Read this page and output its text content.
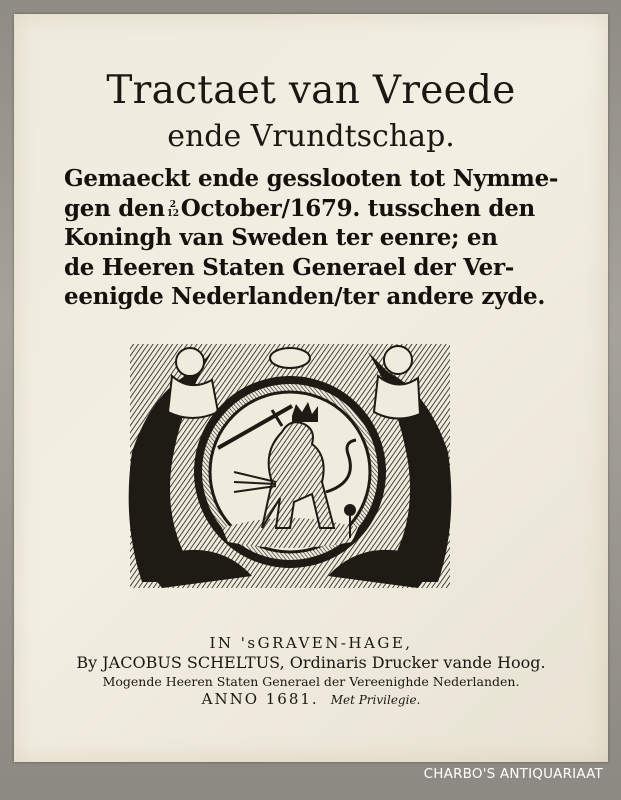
Tractaet van Vreede
ende Vrundtschap.
Gemaeckt ende gesslooten tot Nymme-
gen den 2
12 October/1679. tusschen den
Koningh van Sweden ter eenre; en
de Heeren Staten Generael der Ver-
eenigde Nederlanden/ter andere zyde.
IN 'sGRAVEN-HAGE,
By JACOBUS SCHELTUS, Ordinaris Drucker vande Hoog.
Mogende Heeren Staten Generael der Vereenighde Nederlanden.
ANNO 1681. Met Privilegie.
CHARBO'S ANTIQUARIAAT
